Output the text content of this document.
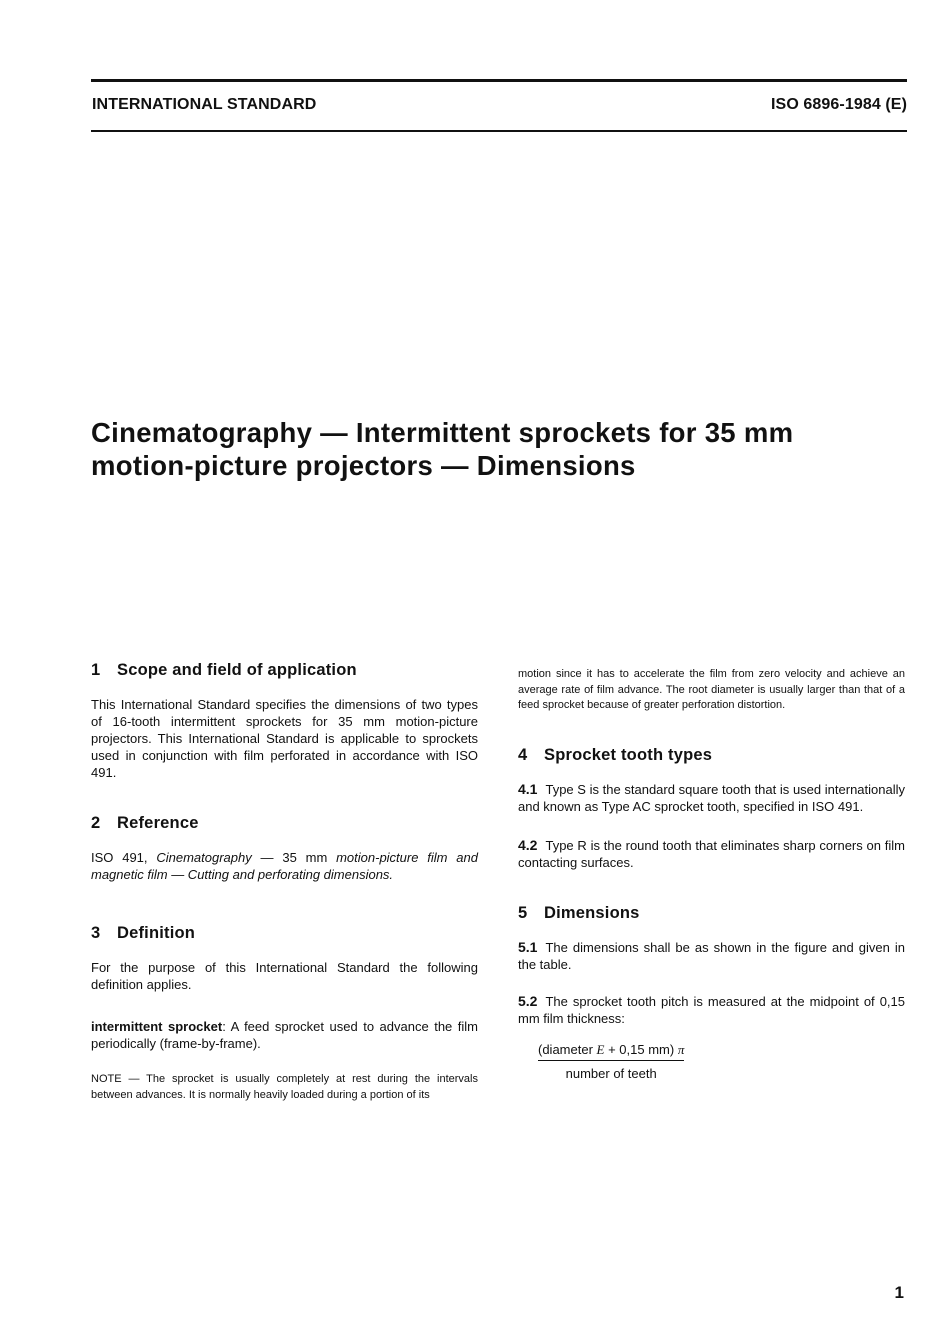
INTERNATIONAL STANDARD	ISO 6896-1984 (E)
Cinematography — Intermittent sprockets for 35 mm
motion-picture projectors — Dimensions
1 Scope and field of application

This International Standard specifies the dimensions of two types of 16-tooth intermittent sprockets for 35 mm motion-picture projectors. This International Standard is applicable to sprockets used in conjunction with film perforated in accordance with ISO 491.

2 Reference

ISO 491, Cinematography — 35 mm motion-picture film and magnetic film — Cutting and perforating dimensions.

3 Definition

For the purpose of this International Standard the following definition applies.

intermittent sprocket: A feed sprocket used to advance the film periodically (frame-by-frame).

NOTE — The sprocket is usually completely at rest during the intervals between advances. It is normally heavily loaded during a portion of its

motion since it has to accelerate the film from zero velocity and achieve an average rate of film advance. The root diameter is usually larger than that of a feed sprocket because of greater perforation distortion.

4 Sprocket tooth types

4.1 Type S is the standard square tooth that is used internationally and known as Type AC sprocket tooth, specified in ISO 491.

4.2 Type R is the round tooth that eliminates sharp corners on film contacting surfaces.

5 Dimensions

5.1 The dimensions shall be as shown in the figure and given in the table.

5.2 The sprocket tooth pitch is measured at the midpoint of 0,15 mm film thickness:

$\frac{\text{(diameter E + 0,15 mm) π}}{\text{number of teeth}}$
1
